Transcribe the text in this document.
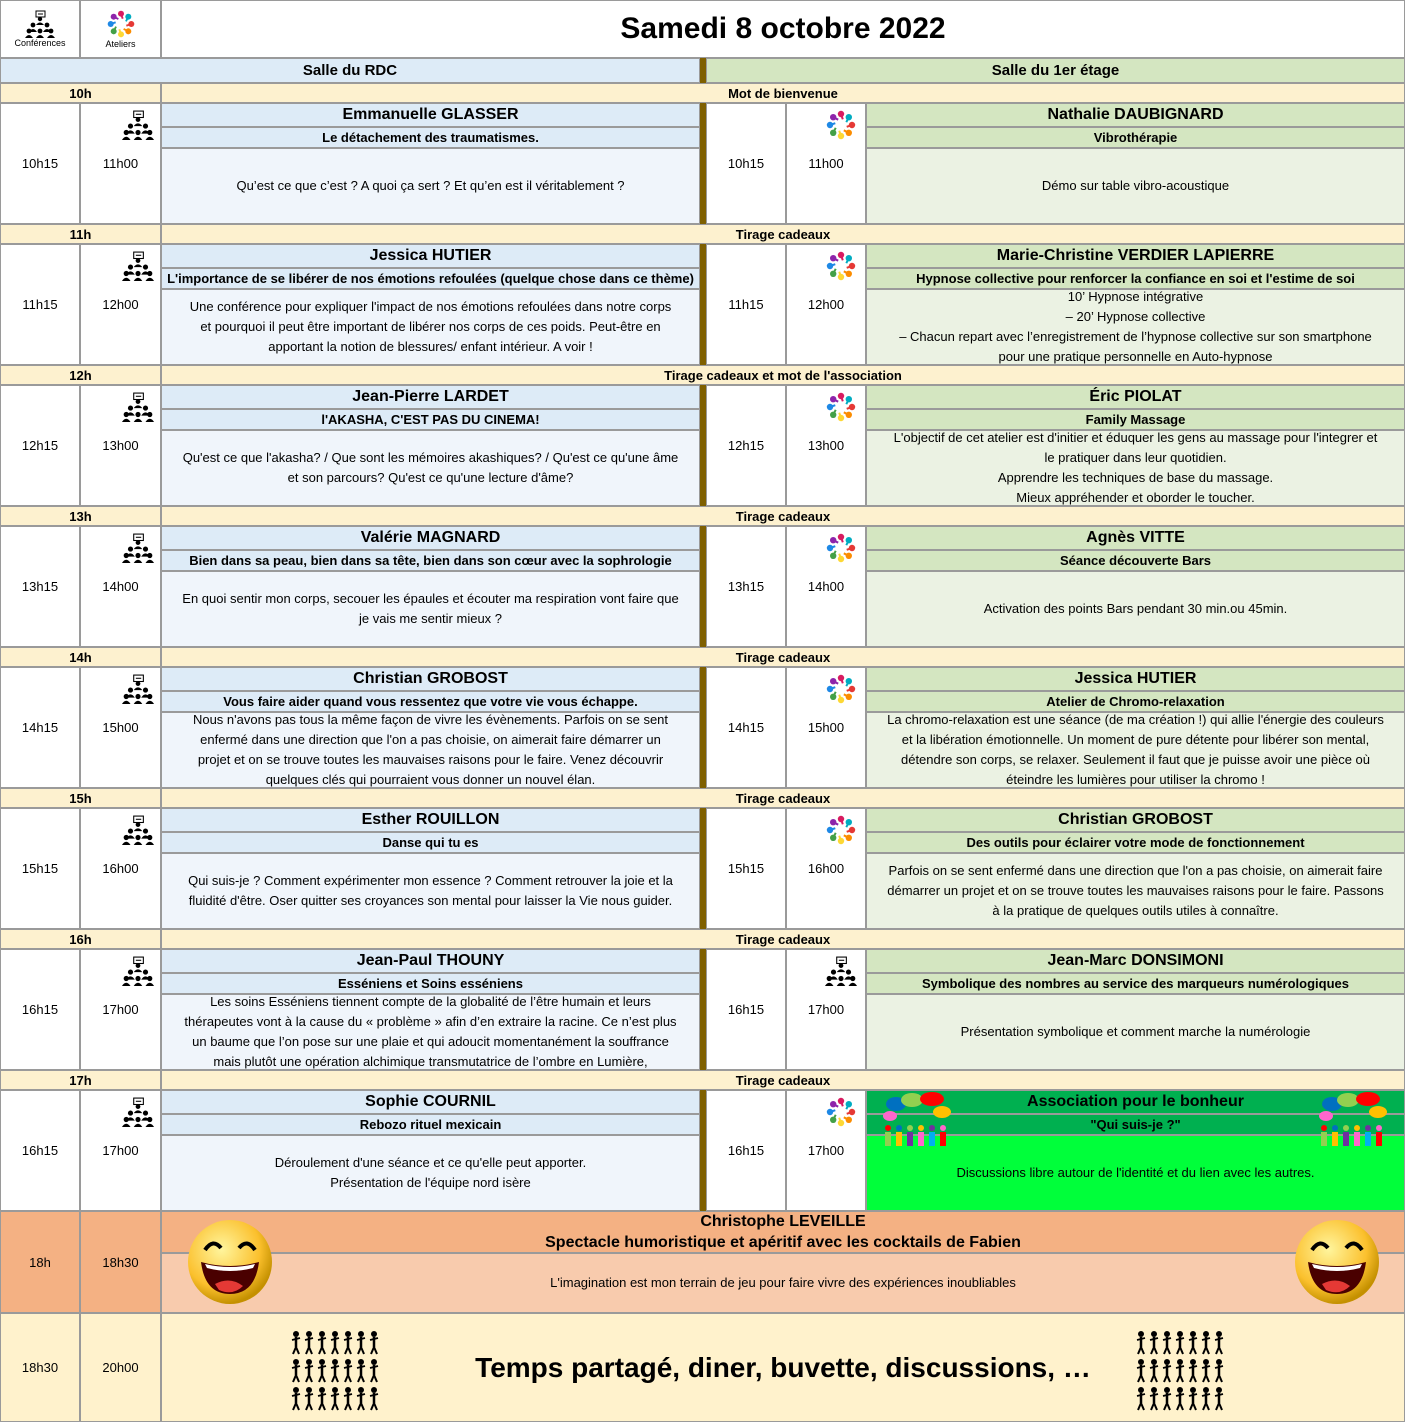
Conférences	Ateliers	Samedi 8 octobre 2022
Salle du RDC	Salle du 1er étage
10h	Mot de bienvenue
10h15	11h00
Emmanuelle GLASSER
Le détachement des traumatismes.
Qu’est ce que c’est ? A quoi ça sert ? Et qu’en est il véritablement ?
10h15	11h00
Nathalie DAUBIGNARD
Vibrothérapie
Démo sur table vibro-acoustique
11h	Tirage cadeaux
11h15	12h00
Jessica HUTIER
L'importance de se libérer de nos émotions refoulées (quelque chose dans ce thème)
Une conférence pour expliquer l'impact de nos émotions refoulées dans notre corps
et pourquoi il peut être important de libérer nos corps de ces poids. Peut-être en
apportant la notion de blessures/ enfant intérieur. A voir !
11h15	12h00
Marie-Christine VERDIER LAPIERRE
Hypnose collective pour renforcer la confiance en soi et l'estime de soi
10’ Hypnose intégrative
– 20’ Hypnose collective
– Chacun repart avec l’enregistrement de l’hypnose collective sur son smartphone
pour une pratique personnelle en Auto-hypnose
12h	Tirage cadeaux et mot de l'association
12h15	13h00
Jean-Pierre LARDET
l'AKASHA, C'EST PAS DU CINEMA!
Qu'est ce que l'akasha? / Que sont les mémoires akashiques? / Qu'est ce qu'une âme
et son parcours? Qu'est ce qu'une lecture d'âme?
12h15	13h00
Éric PIOLAT
Family Massage
L'objectif de cet atelier est d'initier et éduquer les gens au massage pour l'integrer et
le pratiquer dans leur quotidien.
Apprendre les techniques de base du massage.
Mieux appréhender et oborder le toucher.
13h	Tirage cadeaux
13h15	14h00
Valérie MAGNARD
Bien dans sa peau, bien dans sa tête, bien dans son cœur avec la sophrologie
En quoi sentir mon corps, secouer les épaules et écouter ma respiration vont faire que
je vais me sentir mieux ?
13h15	14h00
Agnès VITTE
Séance découverte Bars
Activation des points Bars pendant 30 min.ou 45min.
14h	Tirage cadeaux
14h15	15h00
Christian GROBOST
Vous faire aider quand vous ressentez que votre vie vous échappe.
Nous n'avons pas tous la même façon de vivre les évènements. Parfois on se sent
enfermé dans une direction que l'on a pas choisie, on aimerait faire démarrer un
projet et on se trouve toutes les mauvaises raisons pour le faire. Venez découvrir
quelques clés qui pourraient vous donner un nouvel élan.
14h15	15h00
Jessica HUTIER
Atelier de Chromo-relaxation
La chromo-relaxation est une séance (de ma création !) qui allie l'énergie des couleurs
et la libération émotionnelle. Un moment de pure détente pour libérer son mental,
détendre son corps, se relaxer. Seulement il faut que je puisse avoir une pièce où
éteindre les lumières pour utiliser la chromo !
15h	Tirage cadeaux
15h15	16h00
Esther ROUILLON
Danse qui tu es
Qui suis-je ? Comment expérimenter mon essence ? Comment retrouver la joie et la
fluidité d'être. Oser quitter ses croyances son mental pour laisser la Vie nous guider.
15h15	16h00
Christian GROBOST
Des outils pour éclairer votre mode de fonctionnement
Parfois on se sent enfermé dans une direction que l'on a pas choisie, on aimerait faire
démarrer un projet et on se trouve toutes les mauvaises raisons pour le faire. Passons
à la pratique de quelques outils utiles à connaître.
16h	Tirage cadeaux
16h15	17h00
Jean-Paul THOUNY
Esséniens et Soins esséniens
Les soins Esséniens tiennent compte de la globalité de l’être humain et leurs
thérapeutes vont à la cause du « problème » afin d’en extraire la racine. Ce n’est plus
un baume que l’on pose sur une plaie et qui adoucit momentanément la souffrance
mais plutôt une opération alchimique transmutatrice de l’ombre en Lumière,
16h15	17h00
Jean-Marc DONSIMONI
Symbolique des nombres au service des marqueurs numérologiques
Présentation symbolique et comment marche la numérologie
17h	Tirage cadeaux
16h15	17h00
Sophie COURNIL
Rebozo rituel mexicain
Déroulement d'une séance et ce qu'elle peut apporter.
Présentation de l'équipe nord isère
16h15	17h00
Association pour le bonheur
"Qui suis-je ?"
Discussions libre autour de l'identité et du lien avec les autres.
18h	18h30
Christophe LEVEILLE
Spectacle humoristique et apéritif avec les cocktails de Fabien
L'imagination est mon terrain de jeu pour faire vivre des expériences inoubliables
18h30	20h00	Temps partagé, diner, buvette, discussions, …
